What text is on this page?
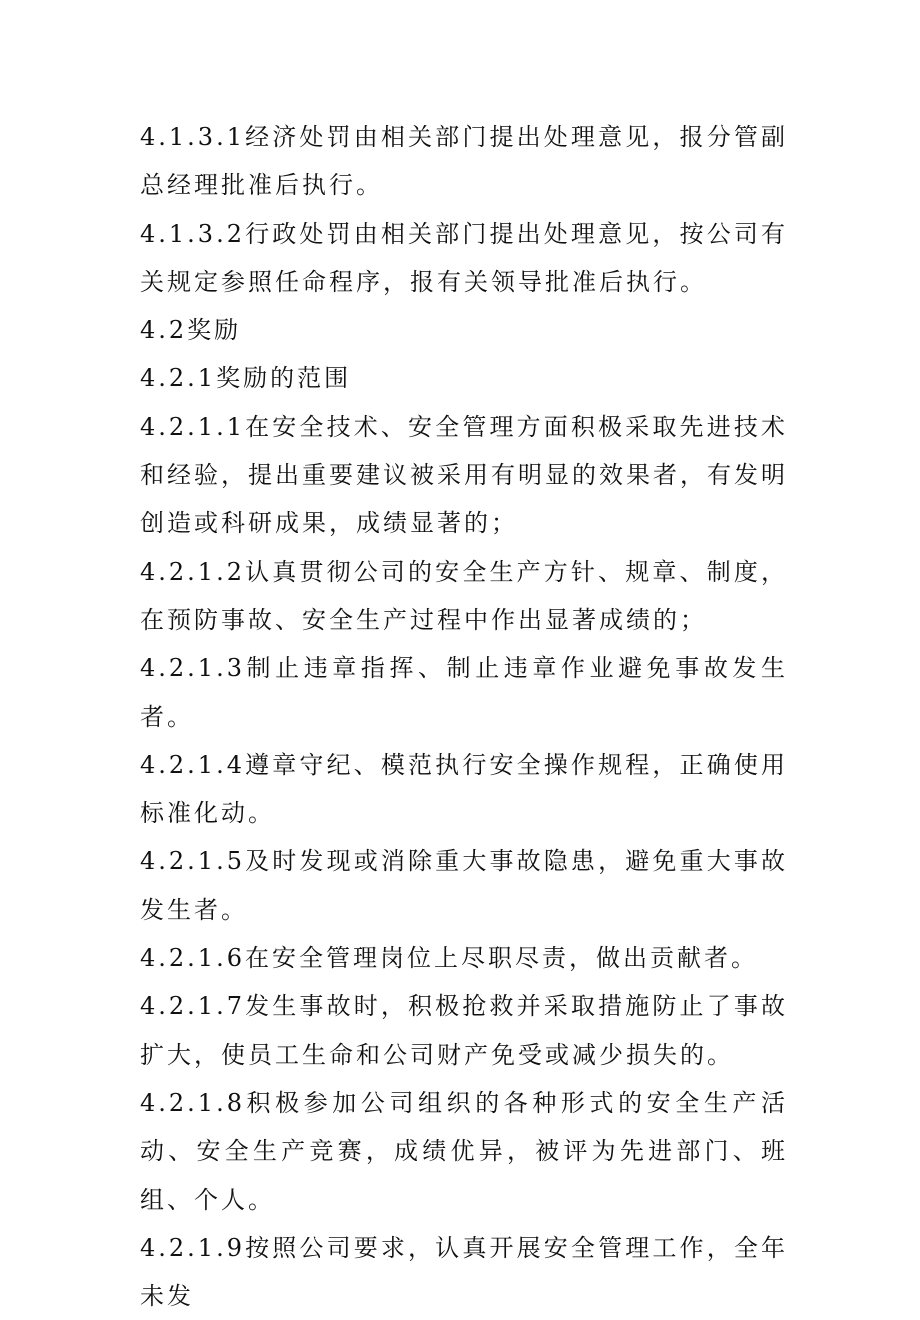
4.1.3.1经济处罚由相关部门提出处理意见，报分管副总经理批准后执行。

4.1.3.2行政处罚由相关部门提出处理意见，按公司有关规定参照任命程序，报有关领导批准后执行。

4.2奖励

4.2.1奖励的范围

4.2.1.1在安全技术、安全管理方面积极采取先进技术和经验，提出重要建议被采用有明显的效果者，有发明创造或科研成果，成绩显著的；

4.2.1.2认真贯彻公司的安全生产方针、规章、制度，在预防事故、安全生产过程中作出显著成绩的；

4.2.1.3制止违章指挥、制止违章作业避免事故发生者。

4.2.1.4遵章守纪、模范执行安全操作规程，正确使用标准化动。

4.2.1.5及时发现或消除重大事故隐患，避免重大事故发生者。

4.2.1.6在安全管理岗位上尽职尽责，做出贡献者。

4.2.1.7发生事故时，积极抢救并采取措施防止了事故扩大，使员工生命和公司财产免受或减少损失的。

4.2.1.8积极参加公司组织的各种形式的安全生产活动、安全生产竞赛，成绩优异，被评为先进部门、班组、个人。

4.2.1.9按照公司要求，认真开展安全管理工作，全年未发
